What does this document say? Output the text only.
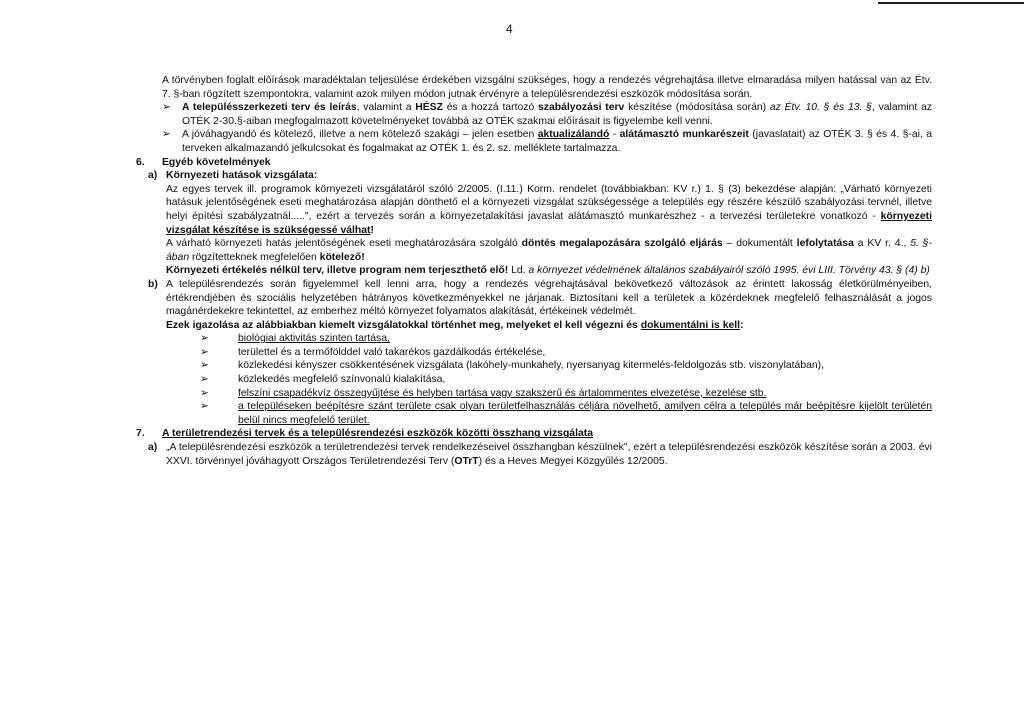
4

A törvényben foglalt előírások maradéktalan teljesülése érdekében vizsgálni szükséges, hogy a rendezés végrehajtása illetve elmaradása milyen hatással van az Étv. 7. §-ban rögzített szempontokra, valamint azok milyen módon jutnak érvényre a településrendezési eszközök módosítása során.

➢	A településszerkezeti terv és leírás, valamint a HÉSZ és a hozzá tartozó szabályozási terv készítése (módosítása során) az Étv. 10. § és 13. §, valamint az OTÉK 2-30.§-aiban megfogalmazott követelményeket továbbá az OTÉK szakmai előírásait is figyelembe kell venni.
➢	A jóváhagyandó és kötelező, illetve a nem kötelező szakági – jelen esetben aktualizálandó - alátámasztó munkarészeit (javaslatait) az OTÉK 3. § és 4. §-ai, a terveken alkalmazandó jelkulcsokat és fogalmakat az OTÉK 1. és 2. sz. melléklete tartalmazza.
6.	Egyéb követelmények
a) Környezeti hatások vizsgálata:

Az egyes tervek ill. programok környezeti vizsgálatáról szóló 2/2005. (I.11.) Korm. rendelet (továbbiakban: KV r.) 1. § (3) bekezdése alapján: „Várható környezeti hatásuk jelentőségének eseti meghatározása alapján dönthető el a környezeti vizsgálat szükségessége a település egy részére készülő szabályozási tervnél, illetve helyi építési szabályzatnál.....", ezért a tervezés során a környezetalakítási javaslat alátámasztó munkarészhez - a tervezési területekre vonatkozó - környezeti vizsgálat készítése is szükségessé válhat!

A várható környezeti hatás jelentőségének eseti meghatározására szolgáló döntés megalapozására szolgáló eljárás – dokumentált lefolytatása a KV r. 4., 5. §-ában rögzítetteknek megfelelően kötelező!

Környezeti értékelés nélkül terv, illetve program nem terjeszthető elő! Ld. a környezet védelmének általános szabályairól szóló 1995. évi LIII. Törvény 43. § (4) b)

b) A településrendezés során figyelemmel kell lenni arra, hogy a rendezés végrehajtásával bekövetkező változások az érintett lakosság életkörülményeiben, értékrendjében és szociális helyzetében hátrányos következményekkel ne járjanak. Biztosítani kell a területek a közérdeknek megfelelő felhasználását a jogos magánérdekekre tekintettel, az emberhez méltó környezet folyamatos alakítását, értékeinek védelmét.

Ezek igazolása az alábbiakban kiemelt vizsgálatokkal történhet meg, melyeket el kell végezni és dokumentálni is kell:

➢	biológiai aktivitás szinten tartása,
➢	területtel és a termőfölddel való takarékos gazdálkodás értékelése,
➢	közlekedési kényszer csökkentésének vizsgálata (lakóhely-munkahely, nyersanyag kitermelés-feldolgozás stb. viszonylatában),
➢	közlekedés megfelelő színvonalú kialakítása,
➢	felszíni csapadékvíz összegyűjtése és helyben tartása vagy szakszerű és ártalommentes elvezetése, kezelése stb.
➢	a településeken beépítésre szánt területe csak olyan területfelhasználás céljára növelhető, amilyen célra a település már beépítésre kijelölt területén belül nincs megfelelő terület.
7.	A területrendezési tervek és a településrendezési eszközök közötti összhang vizsgálata
a) „A településrendezési eszközök a területrendezési tervek rendelkezéseivel összhangban készülnek", ezért a településrendezési eszközök készítése során a 2003. évi XXVI. törvénnyel jóváhagyott Országos Területrendezési Terv (OTrT) és a Heves Megyei Közgyűlés 12/2005.
